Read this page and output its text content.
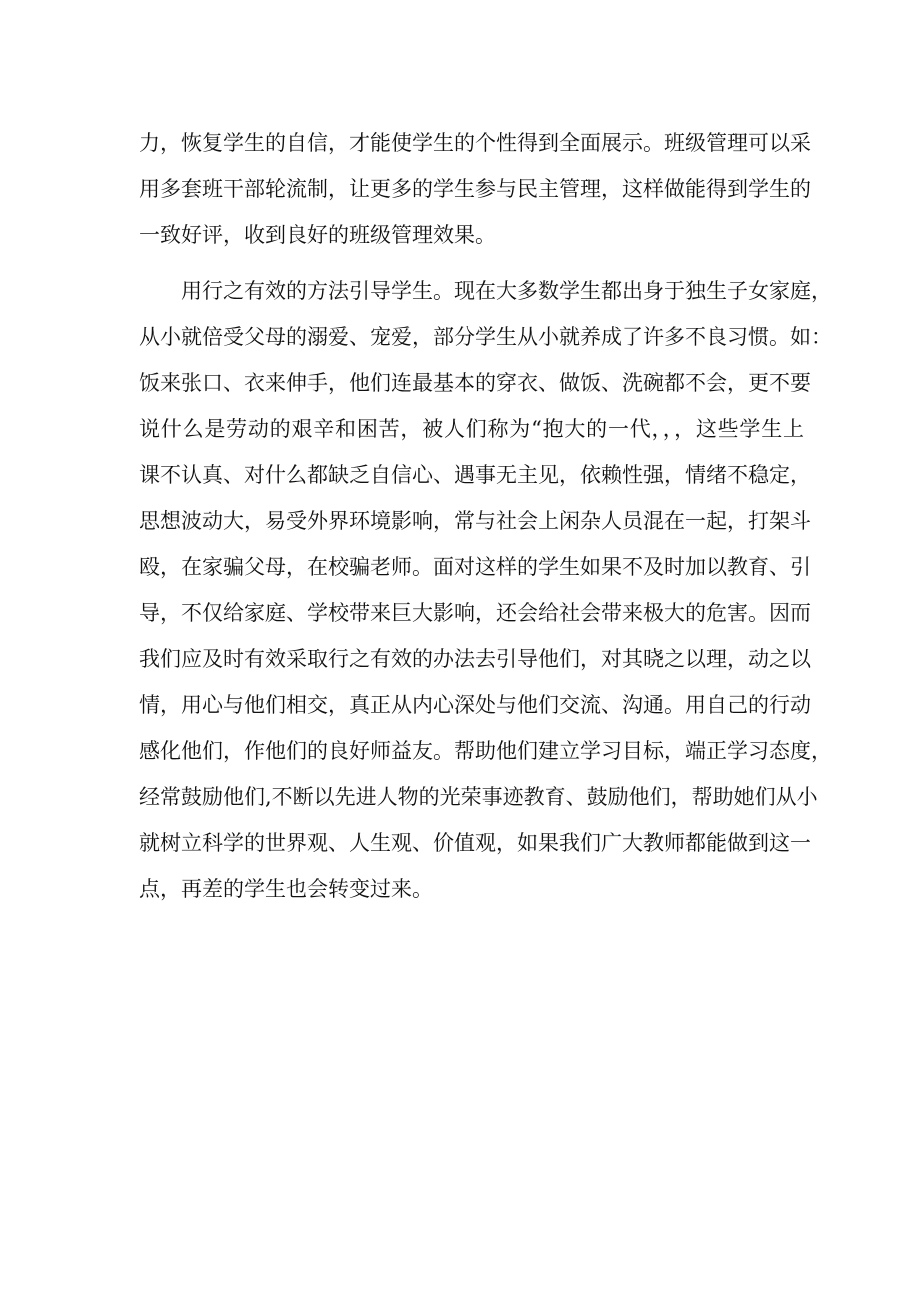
力，恢复学生的自信，才能使学生的个性得到全面展示。班级管理可以采
用多套班干部轮流制，让更多的学生参与民主管理，这样做能得到学生的
一致好评，收到良好的班级管理效果。
用行之有效的方法引导学生。现在大多数学生都出身于独生子女家庭，
从小就倍受父母的溺爱、宠爱，部分学生从小就养成了许多不良习惯。如：
饭来张口、衣来伸手，他们连最基本的穿衣、做饭、洗碗都不会，更不要
说什么是劳动的艰辛和困苦，被人们称为“抱大的一代，，，这些学生上
课不认真、对什么都缺乏自信心、遇事无主见，依赖性强，情绪不稳定，
思想波动大，易受外界环境影响，常与社会上闲杂人员混在一起，打架斗
殴，在家骗父母，在校骗老师。面对这样的学生如果不及时加以教育、引
导，不仅给家庭、学校带来巨大影响，还会给社会带来极大的危害。因而
我们应及时有效采取行之有效的办法去引导他们，对其晓之以理，动之以
情，用心与他们相交，真正从内心深处与他们交流、沟通。用自己的行动
感化他们，作他们的良好师益友。帮助他们建立学习目标，端正学习态度，
经常鼓励他们,不断以先进人物的光荣事迹教育、鼓励他们，帮助她们从小
就树立科学的世界观、人生观、价值观，如果我们广大教师都能做到这一
点，再差的学生也会转变过来。
